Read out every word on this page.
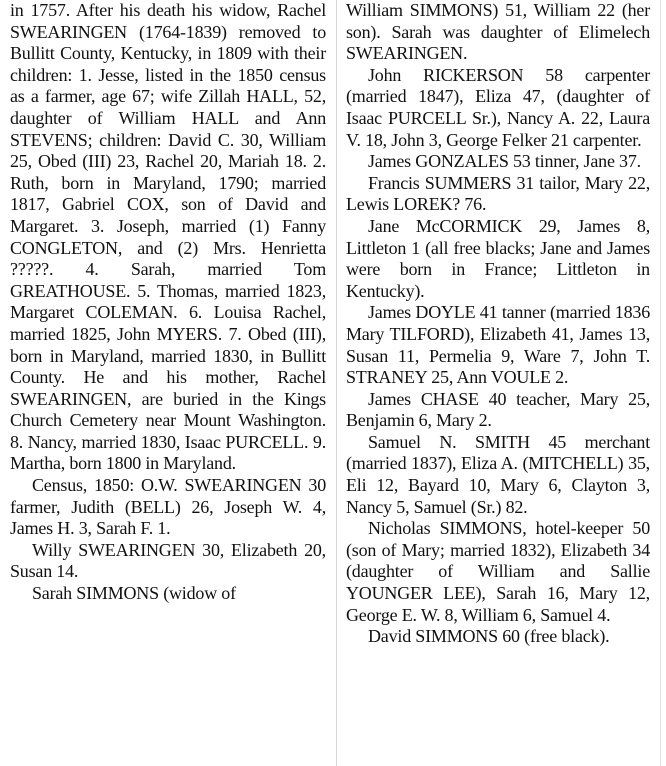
in 1757. After his death his widow, Rachel SWEARINGEN (1764-1839) removed to Bullitt County, Kentucky, in 1809 with their children: 1. Jesse, listed in the 1850 census as a farmer, age 67; wife Zillah HALL, 52, daughter of William HALL and Ann STEVENS; children: David C. 30, William 25, Obed (III) 23, Rachel 20, Mariah 18. 2. Ruth, born in Maryland, 1790; married 1817, Gabriel COX, son of David and Margaret. 3. Joseph, married (1) Fanny CONGLETON, and (2) Mrs. Henrietta ?????. 4. Sarah, married Tom GREATHOUSE. 5. Thomas, married 1823, Margaret COLEMAN. 6. Louisa Rachel, married 1825, John MYERS. 7. Obed (III), born in Maryland, married 1830, in Bullitt County. He and his mother, Rachel SWEARINGEN, are buried in the Kings Church Cemetery near Mount Washington. 8. Nancy, married 1830, Isaac PURCELL. 9. Martha, born 1800 in Maryland.

Census, 1850: O.W. SWEARINGEN 30 farmer, Judith (BELL) 26, Joseph W. 4, James H. 3, Sarah F. 1.

Willy SWEARINGEN 30, Elizabeth 20, Susan 14.

Sarah SIMMONS (widow of

William SIMMONS) 51, William 22 (her son). Sarah was daughter of Elimelech SWEARINGEN.

John RICKERSON 58 carpenter (married 1847), Eliza 47, (daughter of Isaac PURCELL Sr.), Nancy A. 22, Laura V. 18, John 3, George Felker 21 carpenter.

James GONZALES 53 tinner, Jane 37.

Francis SUMMERS 31 tailor, Mary 22, Lewis LOREK? 76.

Jane McCORMICK 29, James 8, Littleton 1 (all free blacks; Jane and James were born in France; Littleton in Kentucky).

James DOYLE 41 tanner (married 1836 Mary TILFORD), Elizabeth 41, James 13, Susan 11, Permelia 9, Ware 7, John T. STRANEY 25, Ann VOULE 2.

James CHASE 40 teacher, Mary 25, Benjamin 6, Mary 2.

Samuel N. SMITH 45 merchant (married 1837), Eliza A. (MITCHELL) 35, Eli 12, Bayard 10, Mary 6, Clayton 3, Nancy 5, Samuel (Sr.) 82.

Nicholas SIMMONS, hotel-keeper 50 (son of Mary; married 1832), Elizabeth 34 (daughter of William and Sallie YOUNGER LEE), Sarah 16, Mary 12, George E. W. 8, William 6, Samuel 4.

David SIMMONS 60 (free black).
